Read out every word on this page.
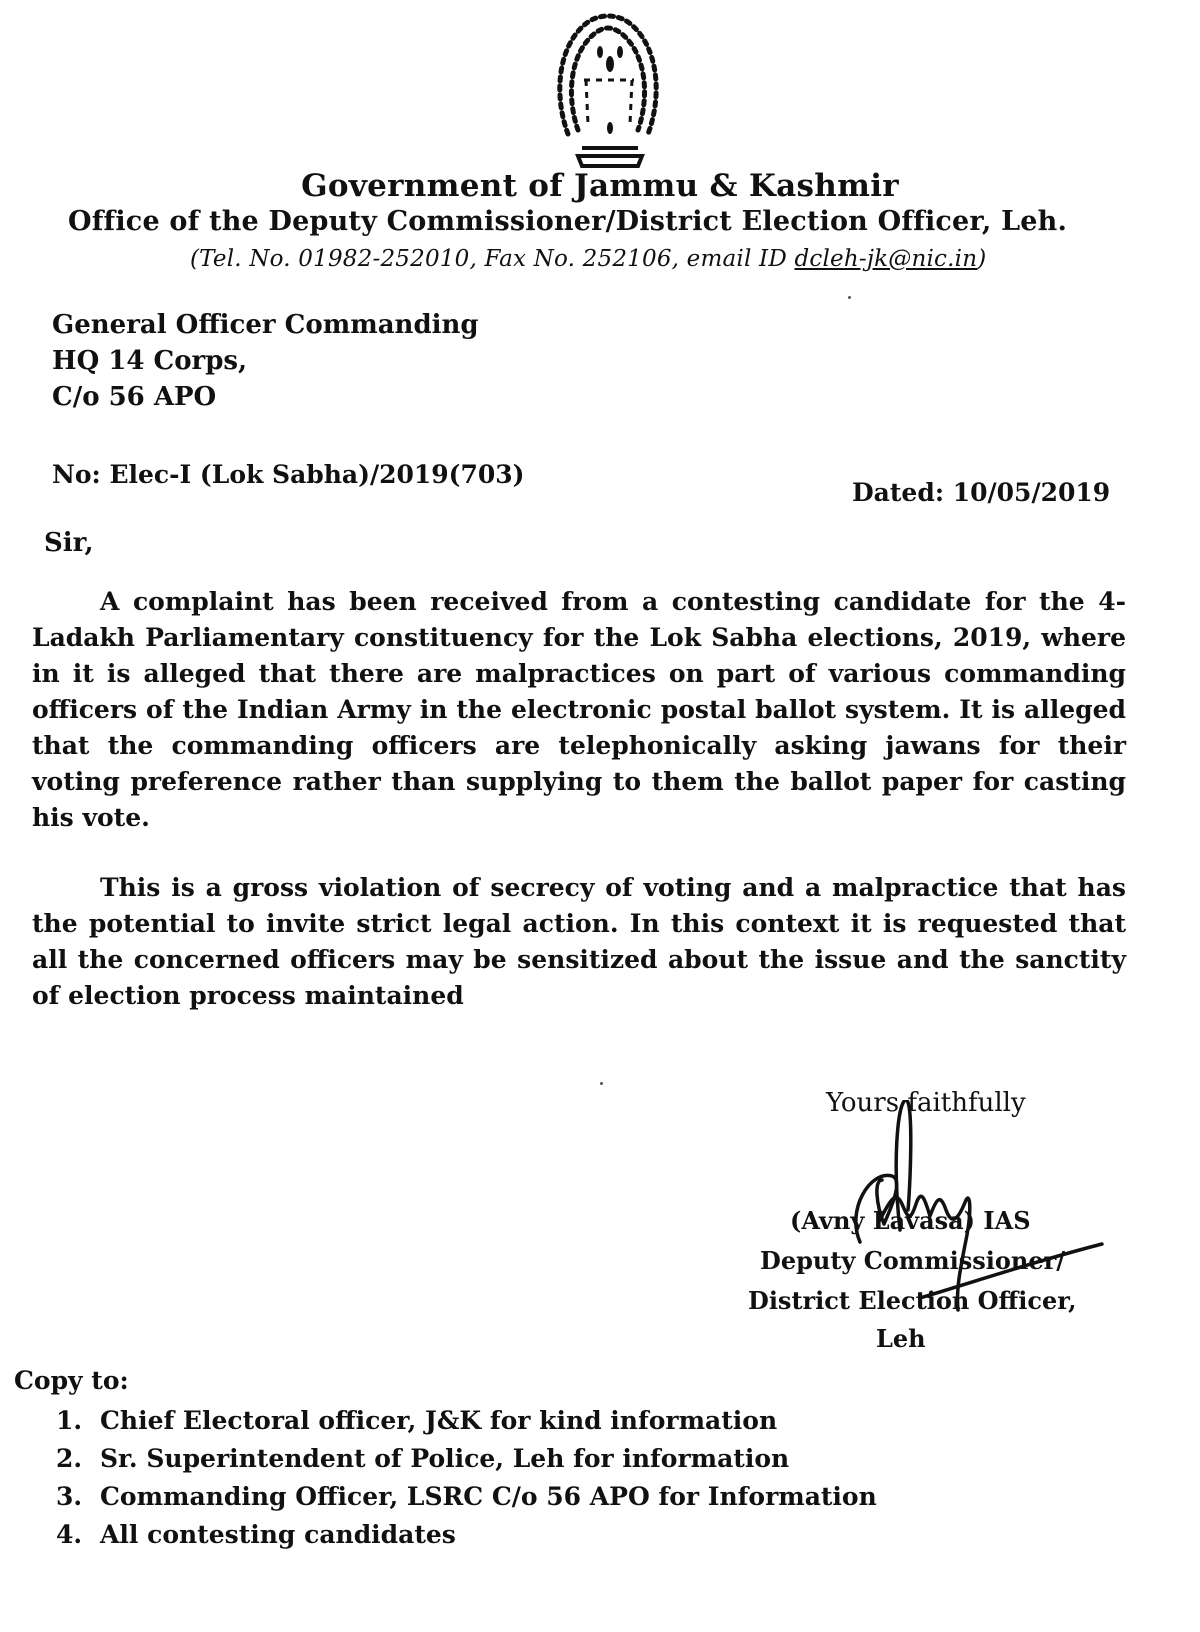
Government of Jammu & Kashmir
Office of the Deputy Commissioner/District Election Officer, Leh.
(Tel. No. 01982-252010, Fax No. 252106, email ID dcleh-jk@nic.in)
General Officer Commanding
HQ 14 Corps,
C/o 56 APO
No: Elec-I (Lok Sabha)/2019(703)
Dated: 10/05/2019
Sir,
A complaint has been received from a contesting candidate for the 4-Ladakh Parliamentary constituency for the Lok Sabha elections, 2019, where in it is alleged that there are malpractices on part of various commanding officers of the Indian Army in the electronic postal ballot system. It is alleged that the commanding officers are telephonically asking jawans for their voting preference rather than supplying to them the ballot paper for casting his vote.
This is a gross violation of secrecy of voting and a malpractice that has the potential to invite strict legal action. In this context it is requested that all the concerned officers may be sensitized about the issue and the sanctity of election process maintained
Yours faithfully
(Avny Lavasa) IAS
Deputy Commissioner/
District Election Officer,
Leh
Copy to:
1. Chief Electoral officer, J&K for kind information
2. Sr. Superintendent of Police, Leh for information
3. Commanding Officer, LSRC C/o 56 APO for Information
4. All contesting candidates
